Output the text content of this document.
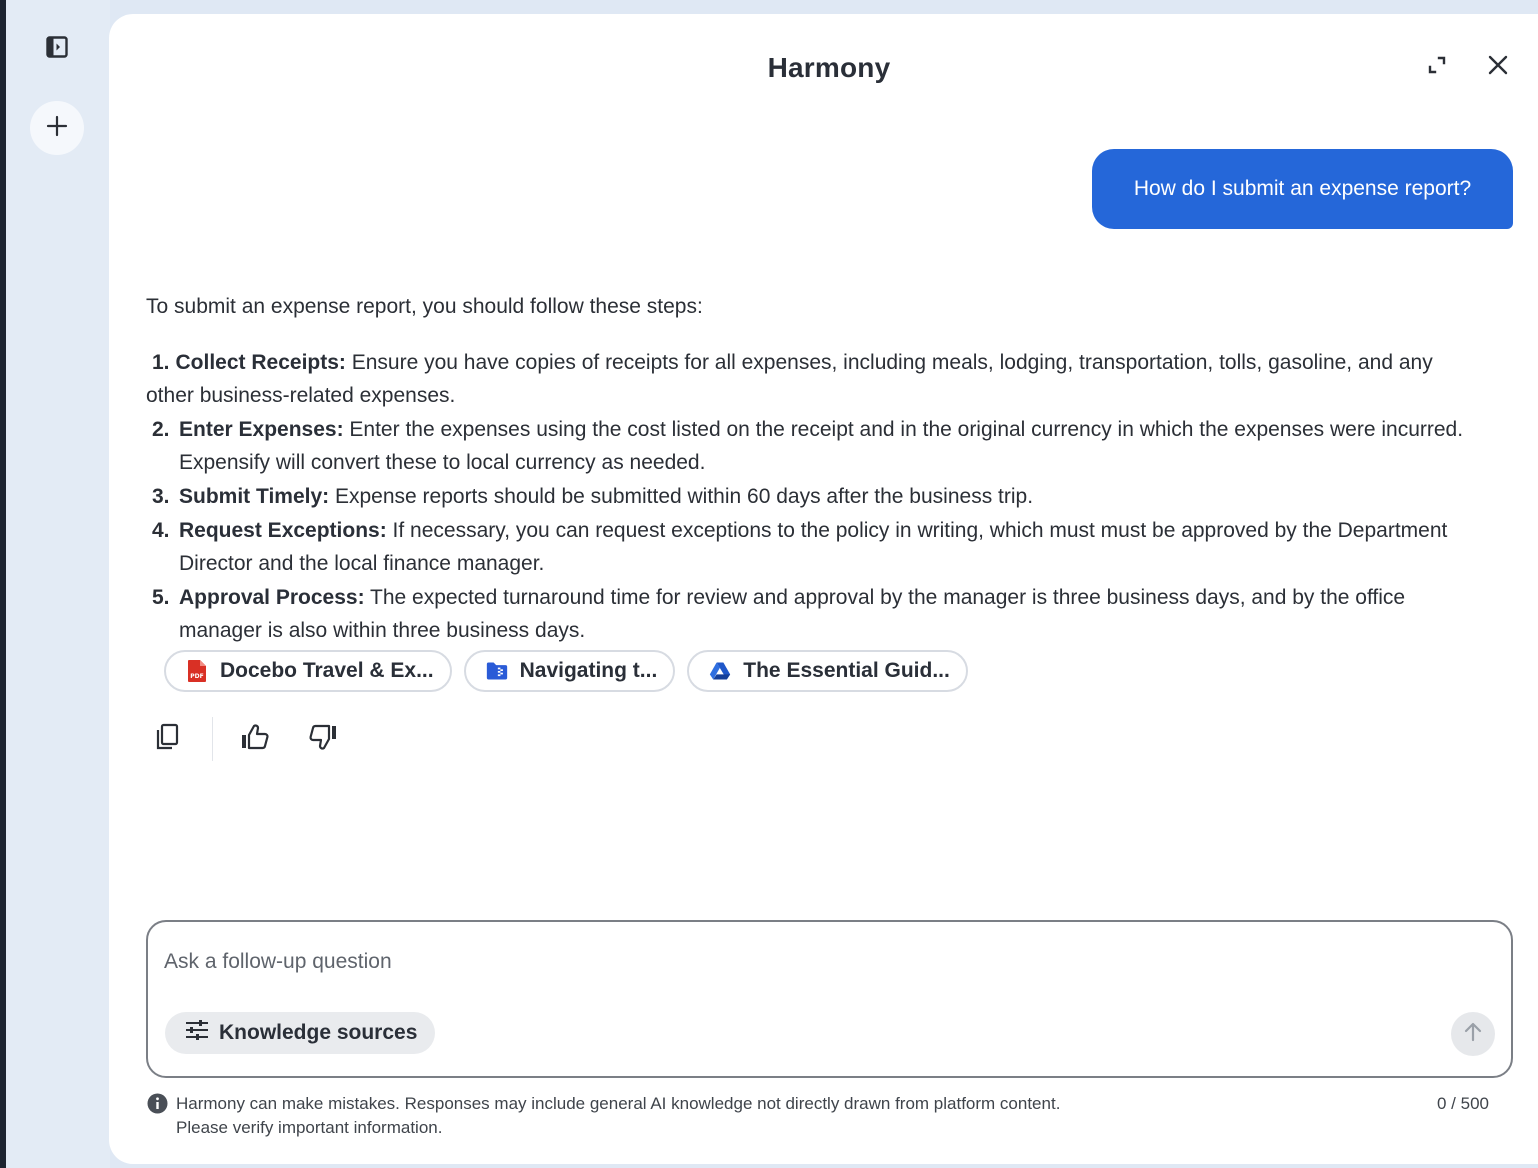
Harmony
How do I submit an expense report?

To submit an expense report, you should follow these steps:

1. Collect Receipts: Ensure you have copies of receipts for all expenses, including meals, lodging, transportation, tolls, gasoline, and any other business-related expenses.
2. Enter Expenses: Enter the expenses using the cost listed on the receipt and in the original currency in which the expenses were incurred. Expensify will convert these to local currency as needed.
3. Submit Timely: Expense reports should be submitted within 60 days after the business trip.
4. Request Exceptions: If necessary, you can request exceptions to the policy in writing, which must must be approved by the Department Director and the local finance manager.
5. Approval Process: The expected turnaround time for review and approval by the manager is three business days, and by the office manager is also within three business days.
PDF Docebo Travel & Ex...	Navigating t...	The Essential Guid...
Ask a follow-up question
Knowledge sources
Harmony can make mistakes. Responses may include general AI knowledge not directly drawn from platform content.
Please verify important information.
0 / 500
